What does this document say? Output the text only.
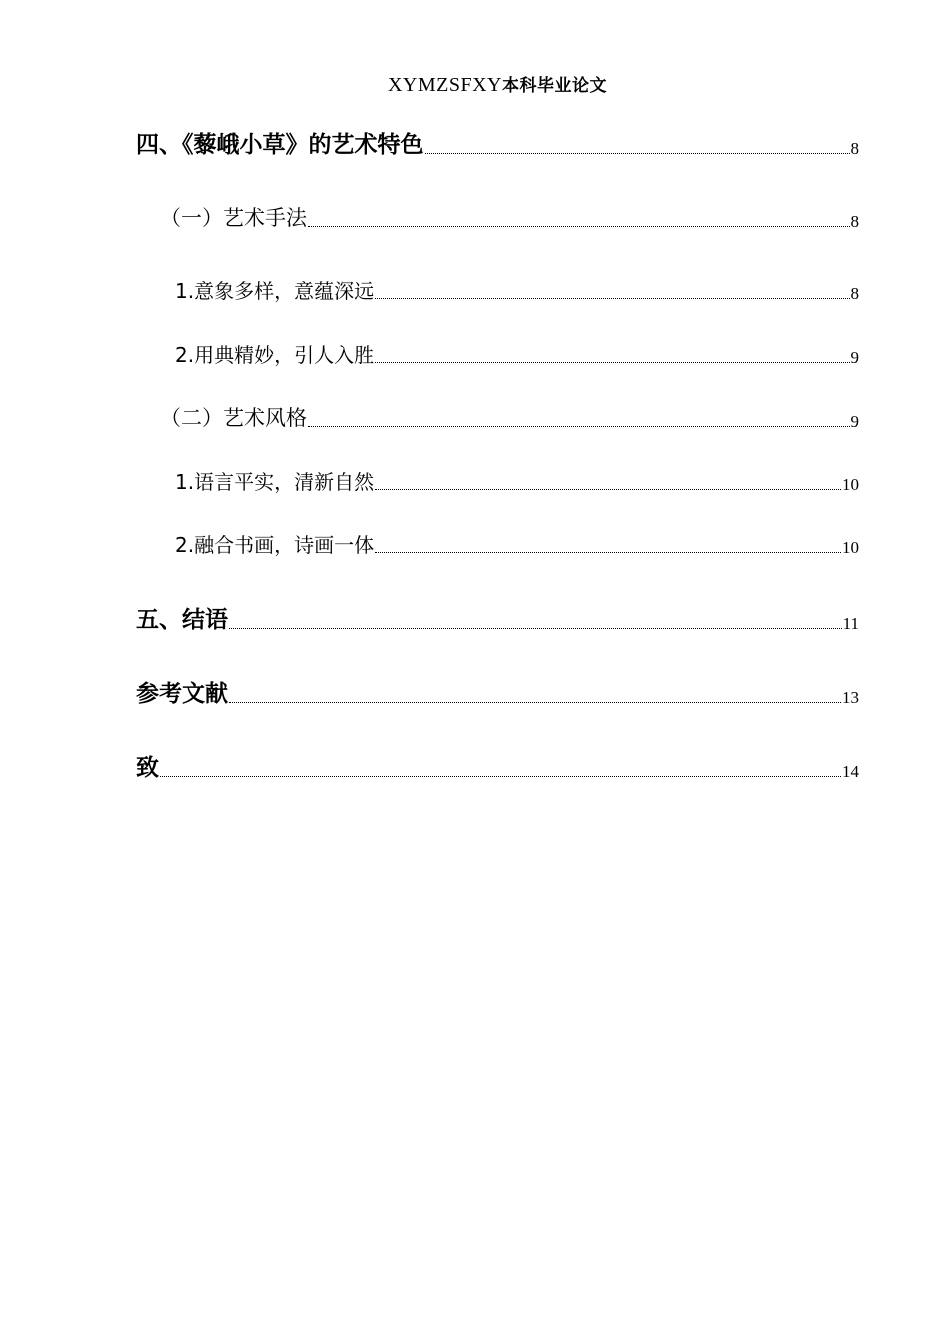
XYMZSFXY本科毕业论文
四、《藜峨小草》的艺术特色	8
（一）艺术手法	8
1.意象多样，意蕴深远	8
2.用典精妙，引人入胜	9
（二）艺术风格	9
1.语言平实，清新自然	10
2.融合书画，诗画一体	10
五、结语	11
参考文献	13
致	14
